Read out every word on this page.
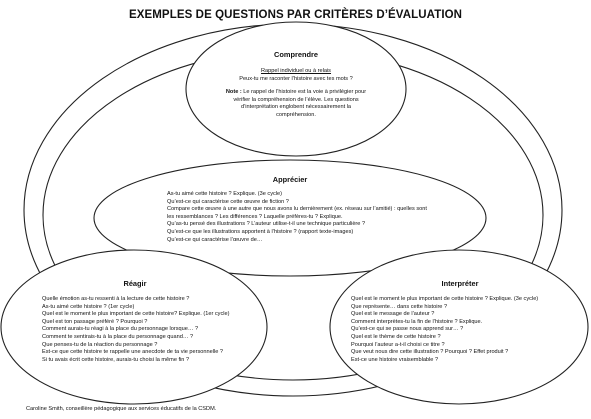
EXEMPLES DE QUESTIONS PAR CRITÈRES D’ÉVALUATION
Comprendre
Rappel individuel ou à relais
Peux-tu me raconter l’histoire avec tes mots ?
Note : Le rappel de l’histoire est la voie à privilégier pour
vérifier la compréhension de l’élève. Les questions
d’interprétation englobent nécessairement la
compréhension.
Apprécier
As-tu aimé cette histoire ? Explique. (3e cycle)
Qu’est-ce qui caractérise cette œuvre de fiction ?
Compare cette œuvre à une autre que nous avons lu dernièrement (ex. réseau sur l’amitié) : quelles sont
les ressemblances ? Les différences ? Laquelle préfères-tu ? Explique.
Qu’as-tu pensé des illustrations ? L’auteur utilise-t-il une technique particulière ?
Qu’est-ce que les illustrations apportent à l’histoire ? (rapport texte-images)
Qu’est-ce qui caractérise l’œuvre de…
Réagir
Quelle émotion as-tu ressenti à la lecture de cette histoire ?
As-tu aimé cette histoire ? (1er cycle)
Quel est le moment le plus important de cette histoire? Explique. (1er cycle)
Quel est ton passage préféré ? Pourquoi ?
Comment aurais-tu réagi à la place du personnage lorsque… ?
Comment te sentirais-tu à la place du personnage quand… ?
Que penses-tu de la réaction du personnage ?
Est-ce que cette histoire te rappelle une anecdote de ta vie personnelle ?
Si tu avais écrit cette histoire, aurais-tu choisi la même fin ?
Interpréter
Quel est le moment le plus important de cette histoire ? Explique. (3e cycle)
Que représente… dans cette histoire ?
Quel est le message de l’auteur ?
Comment interprètes-tu la fin de l’histoire ? Explique.
Qu’est-ce qui se passe nous apprend sur… ?
Quel est le thème de cette histoire ?
Pourquoi l’auteur a-t-il choisi ce titre ?
Que veut nous dire cette illustration ? Pourquoi ? Effet produit ?
Est-ce une histoire vraisemblable ?
Caroline Smith, conseillère pédagogique aux services éducatifs de la CSDM.
